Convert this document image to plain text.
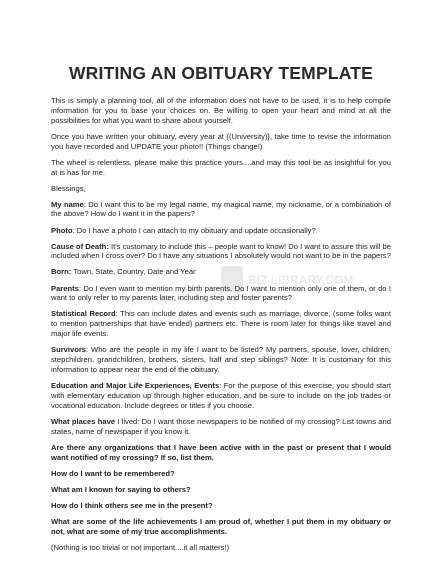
WRITING AN OBITUARY TEMPLATE

This is simply a planning tool, all of the information does not have to be used, it is to help compile information for you to base your choices on. Be willing to open your heart and mind at all the possibilities for what you want to share about yourself.

Once you have written your obituary, every year at {(University)}, take time to revise the information you have recorded and UPDATE your photo!! (Things change!)

The wheel is relentless, please make this practice yours....and may this tool be as insightful for you at is has for me.

Blessings,

My name: Do I want this to be my legal name, my magical name, my nickname, or a combination of the above? How do I want it in the papers?

Photo: Do I have a photo I can attach to my obituary and update occasionally?

Cause of Death: It's customary to include this – people want to know! Do I want to assure this will be included when I cross over? Do I have any situations I absolutely would not want to be in the papers?

Born: Town, State, Country, Date and Year

Parents: Do I even want to mention my birth parents. Do I want to mention only one of them, or do I want to only refer to my parents later, including step and foster parents?

Statistical Record: This can include dates and events such as marriage, divorce, (some folks want to mention partnerships that have ended) partners etc. There is room later for things like travel and major life events.

Survivors: Who are the people in my life I want to be listed? My partners, spouse, lover, children, stepchildren, grandchildren, brothers, sisters, half and step siblings? Note: It is customary for this information to appear near the end of the obituary.

Education and Major Life Experiences, Events: For the purpose of this exercise, you should start with elementary education up through higher education, and be sure to include on the job trades or vocational education. Include degrees or titles if you choose.

What places have I lived: Do I want those newspapers to be notified of my crossing? List towns and states, name of newspaper if you know it.

Are there any organizations that I have been active with in the past or present that I would want notified of my crossing? If so, list them.

How do I want to be remembered?

What am I known for saying to others?

How do I think others see me in the present?

What are some of the life achievements I am proud of, whether I put them in my obituary or not, what are some of my true accomplishments.

(Nothing is too trivial or not important....it all matters!)

BIZ LIBRARY.COM
